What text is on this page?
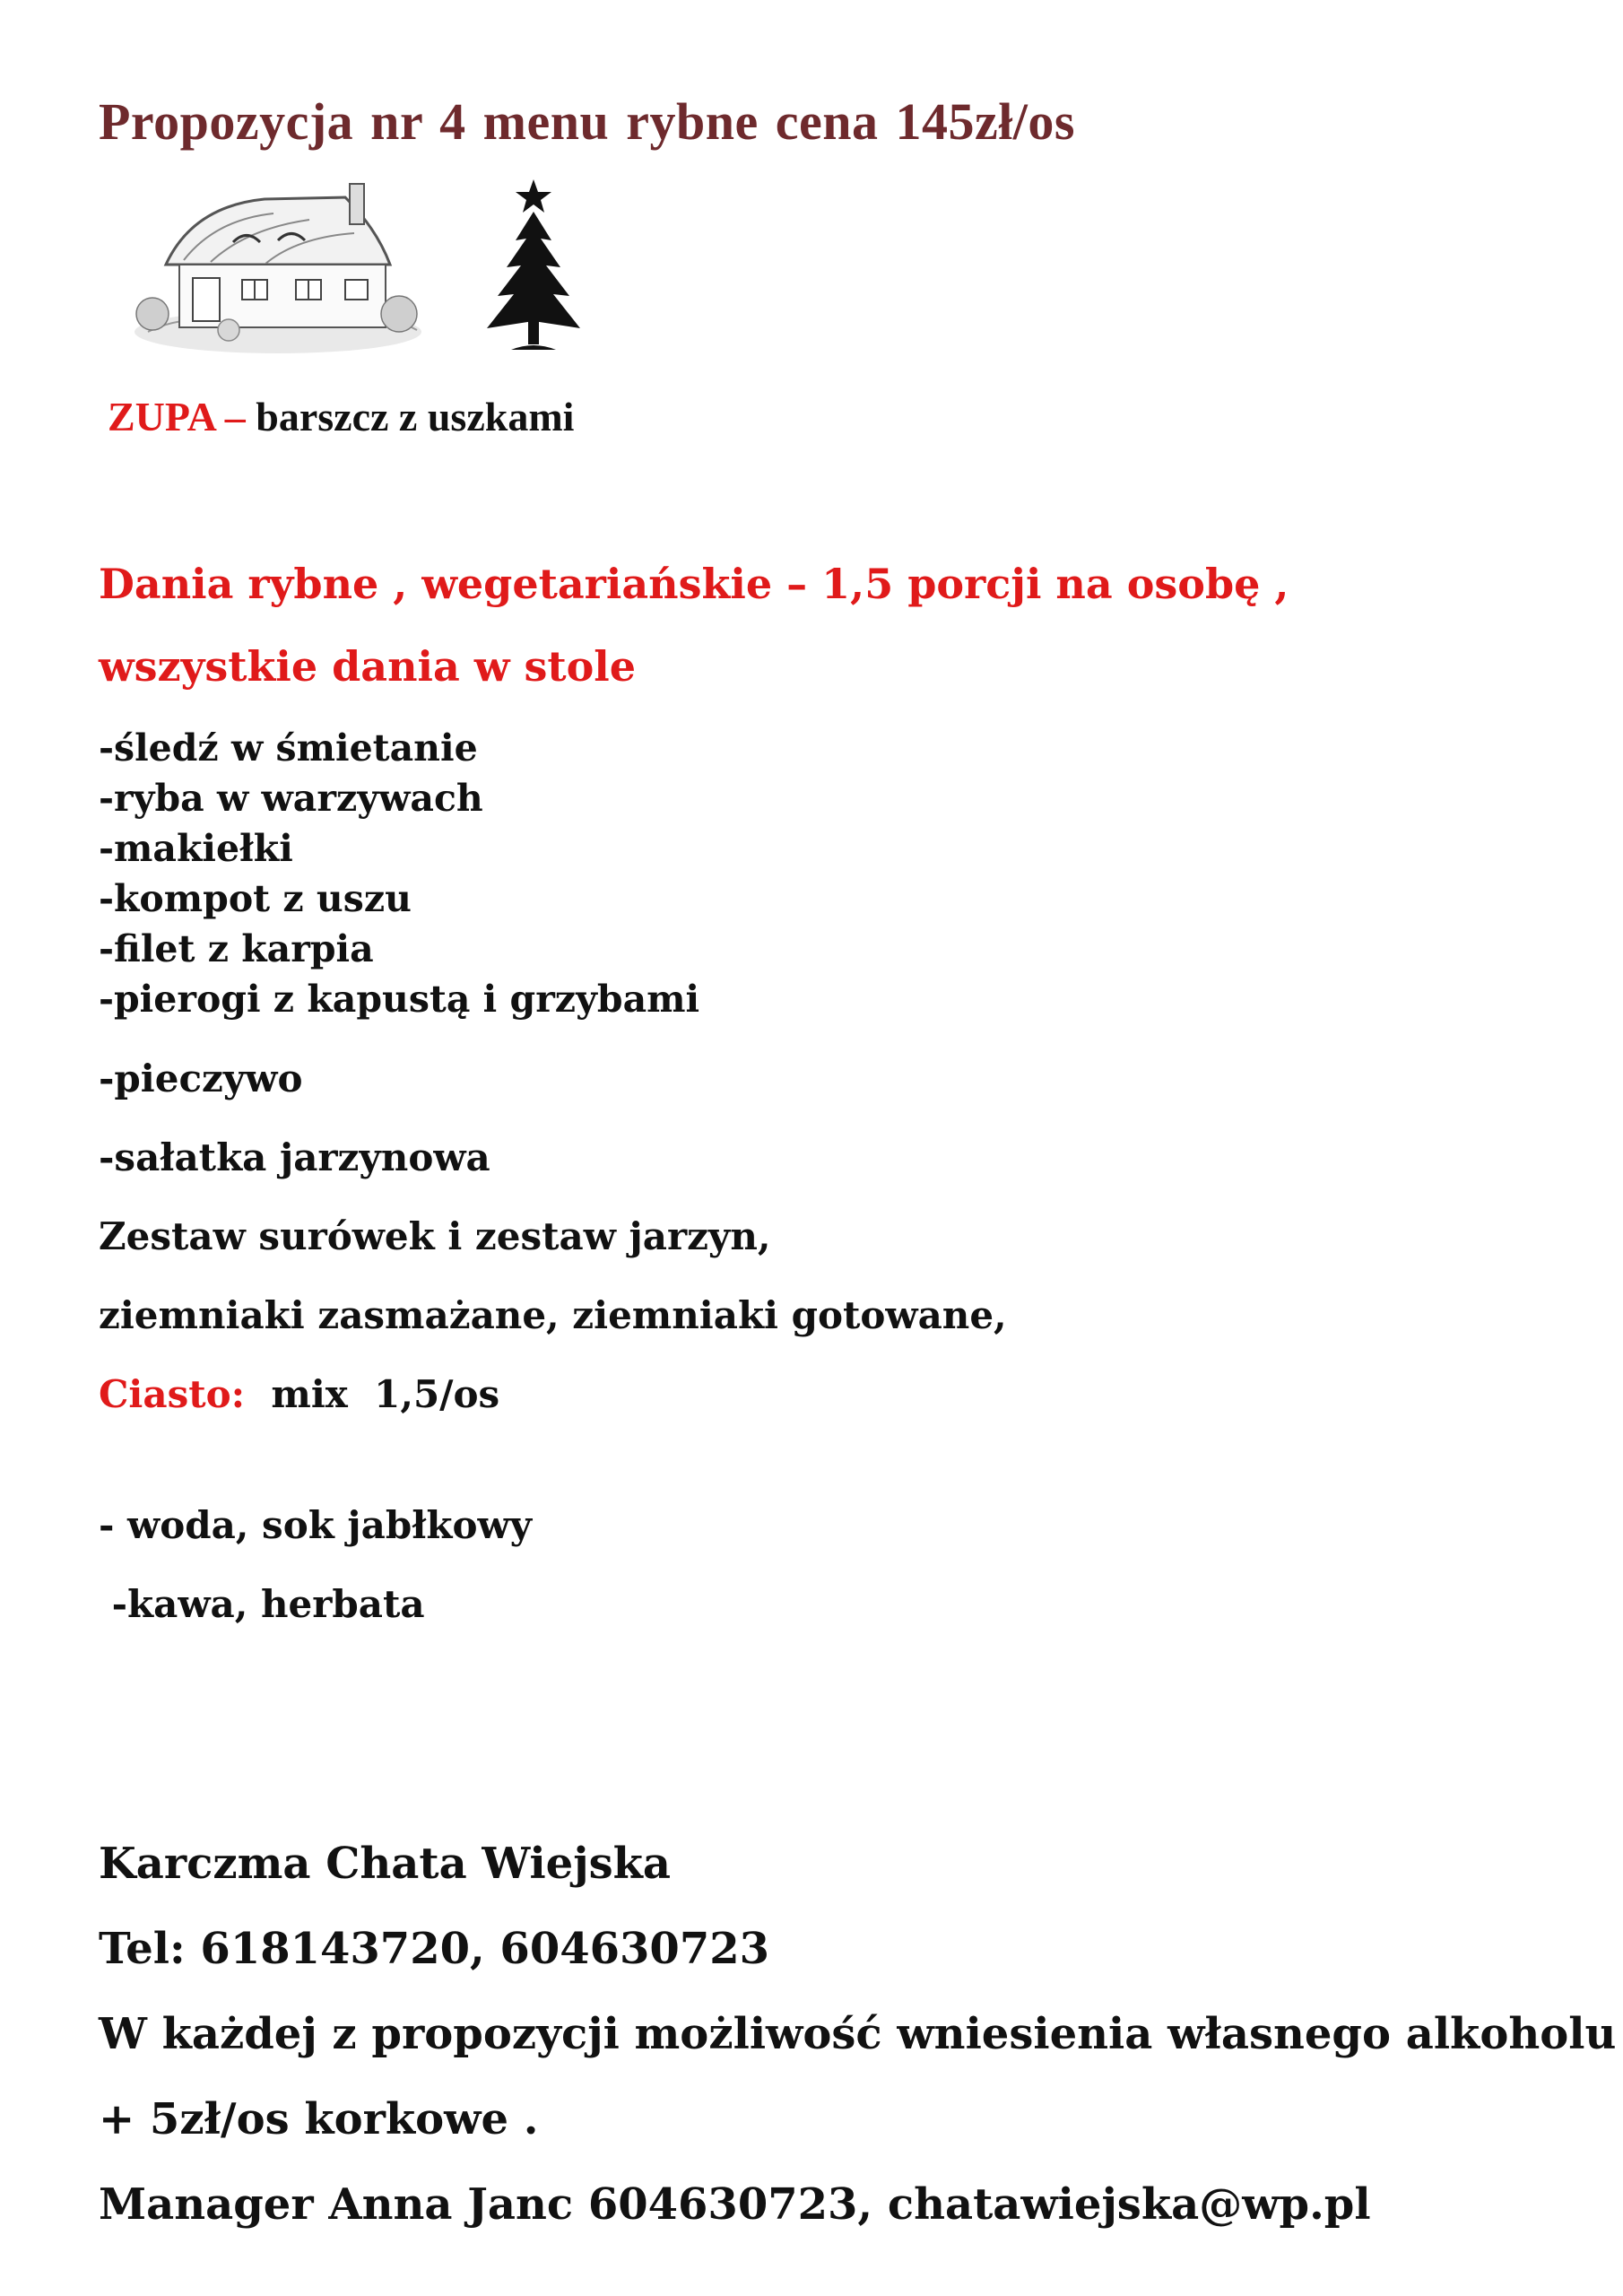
Propozycja nr 4 menu rybne cena 145zł/os

ZUPA – barszcz z uszkami

Dania rybne , wegetariańskie – 1,5 porcji na osobę ,

wszystkie dania w stole

-śledź w śmietanie

-ryba w warzywach

-makiełki

-kompot z uszu

-filet z karpia

-pierogi z kapustą i grzybami

-pieczywo

-sałatka jarzynowa

Zestaw surówek i zestaw jarzyn,

ziemniaki zasmażane, ziemniaki gotowane,

Ciasto:  mix  1,5/os

- woda, sok jabłkowy

-kawa, herbata

Karczma Chata Wiejska

Tel: 618143720, 604630723

W każdej z propozycji możliwość wniesienia własnego alkoholu

+ 5zł/os korkowe .

Manager Anna Janc 604630723, chatawiejska@wp.pl
